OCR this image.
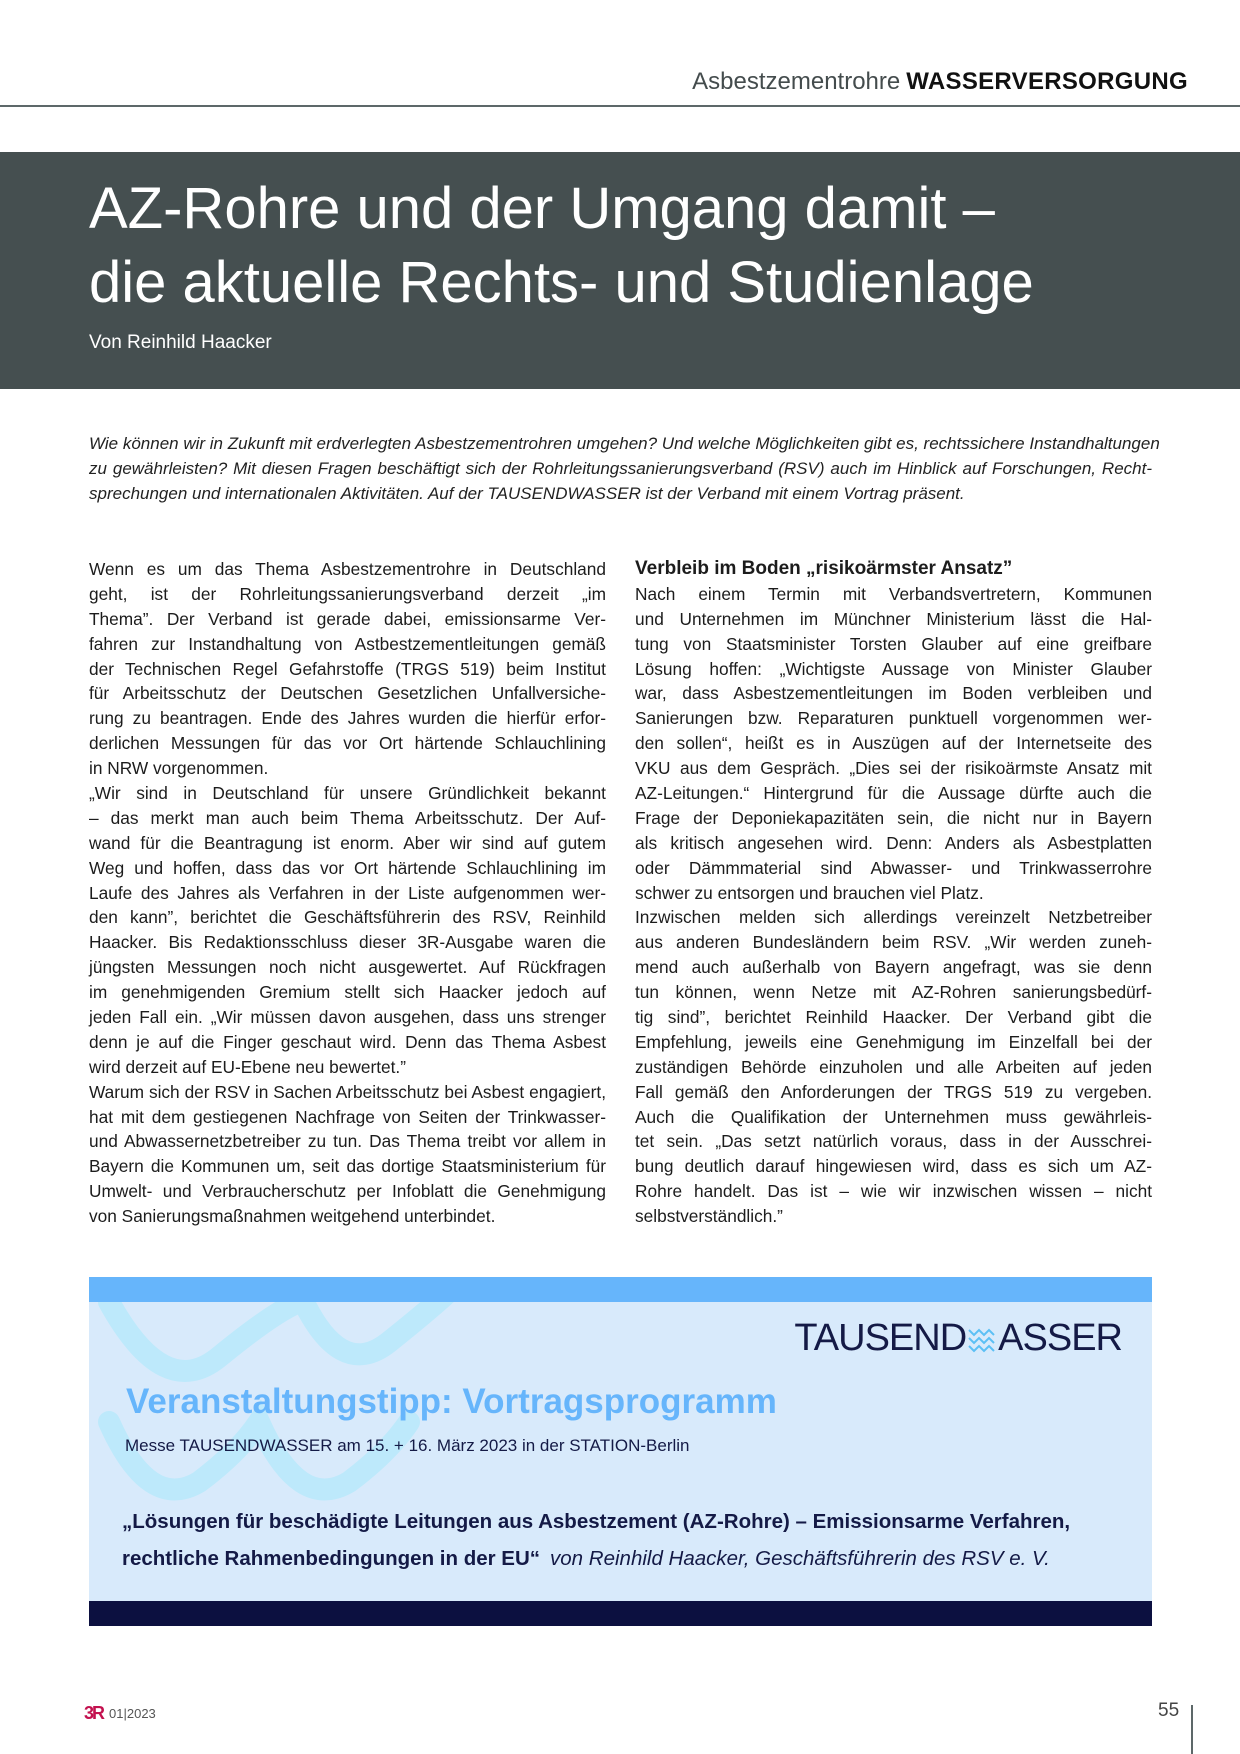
Asbestzementrohre WASSERVERSORGUNG
AZ-Rohre und der Umgang damit –
die aktuelle Rechts- und Studienlage
Von Reinhild Haacker
Wie können wir in Zukunft mit erdverlegten Asbestzementrohren umgehen? Und welche Möglichkeiten gibt es, rechtssichere Instandhaltungen
zu gewährleisten? Mit diesen Fragen beschäftigt sich der Rohrleitungssanierungsverband (RSV) auch im Hinblick auf Forschungen, Recht-
sprechungen und internationalen Aktivitäten. Auf der TAUSENDWASSER ist der Verband mit einem Vortrag präsent.
Wenn es um das Thema Asbestzementrohre in Deutschland
geht, ist der Rohrleitungssanierungsverband derzeit „im
Thema”. Der Verband ist gerade dabei, emissionsarme Ver-
fahren zur Instandhaltung von Astbestzementleitungen gemäß
der Technischen Regel Gefahrstoffe (TRGS 519) beim Institut
für Arbeitsschutz der Deutschen Gesetzlichen Unfallversiche-
rung zu beantragen. Ende des Jahres wurden die hierfür erfor-
derlichen Messungen für das vor Ort härtende Schlauchlining
in NRW vorgenommen.
„Wir sind in Deutschland für unsere Gründlichkeit bekannt
– das merkt man auch beim Thema Arbeitsschutz. Der Auf-
wand für die Beantragung ist enorm. Aber wir sind auf gutem
Weg und hoffen, dass das vor Ort härtende Schlauchlining im
Laufe des Jahres als Verfahren in der Liste aufgenommen wer-
den kann”, berichtet die Geschäftsführerin des RSV, Reinhild
Haacker. Bis Redaktionsschluss dieser 3R-Ausgabe waren die
jüngsten Messungen noch nicht ausgewertet. Auf Rückfragen
im genehmigenden Gremium stellt sich Haacker jedoch auf
jeden Fall ein. „Wir müssen davon ausgehen, dass uns strenger
denn je auf die Finger geschaut wird. Denn das Thema Asbest
wird derzeit auf EU-Ebene neu bewertet.”
Warum sich der RSV in Sachen Arbeitsschutz bei Asbest engagiert,
hat mit dem gestiegenen Nachfrage von Seiten der Trinkwasser-
und Abwassernetzbetreiber zu tun. Das Thema treibt vor allem in
Bayern die Kommunen um, seit das dortige Staatsministerium für
Umwelt- und Verbraucherschutz per Infoblatt die Genehmigung
von Sanierungsmaßnahmen weitgehend unterbindet.
Verbleib im Boden „risikoärmster Ansatz”
Nach einem Termin mit Verbandsvertretern, Kommunen
und Unternehmen im Münchner Ministerium lässt die Hal-
tung von Staatsminister Torsten Glauber auf eine greifbare
Lösung hoffen: „Wichtigste Aussage von Minister Glauber
war, dass Asbestzementleitungen im Boden verbleiben und
Sanierungen bzw. Reparaturen punktuell vorgenommen wer-
den sollen“, heißt es in Auszügen auf der Internetseite des
VKU aus dem Gespräch. „Dies sei der risikoärmste Ansatz mit
AZ-Leitungen.“ Hintergrund für die Aussage dürfte auch die
Frage der Deponiekapazitäten sein, die nicht nur in Bayern
als kritisch angesehen wird. Denn: Anders als Asbestplatten
oder Dämmmaterial sind Abwasser- und Trinkwasserrohre
schwer zu entsorgen und brauchen viel Platz.
Inzwischen melden sich allerdings vereinzelt Netzbetreiber
aus anderen Bundesländern beim RSV. „Wir werden zuneh-
mend auch außerhalb von Bayern angefragt, was sie denn
tun können, wenn Netze mit AZ-Rohren sanierungsbedürf-
tig sind”, berichtet Reinhild Haacker. Der Verband gibt die
Empfehlung, jeweils eine Genehmigung im Einzelfall bei der
zuständigen Behörde einzuholen und alle Arbeiten auf jeden
Fall gemäß den Anforderungen der TRGS 519 zu vergeben.
Auch die Qualifikation der Unternehmen muss gewährleis-
tet sein. „Das setzt natürlich voraus, dass in der Ausschrei-
bung deutlich darauf hingewiesen wird, dass es sich um AZ-
Rohre handelt. Das ist – wie wir inzwischen wissen – nicht
selbstverständlich.”
TAUSEND ASSER
Veranstaltungstipp: Vortragsprogramm
Messe TAUSENDWASSER am 15. + 16. März 2023 in der STATION-Berlin
„Lösungen für beschädigte Leitungen aus Asbestzement (AZ-Rohre) – Emissionsarme Verfahren,
rechtliche Rahmenbedingungen in der EU“ von Reinhild Haacker, Geschäftsführerin des RSV e. V.
3R 01|2023	55
